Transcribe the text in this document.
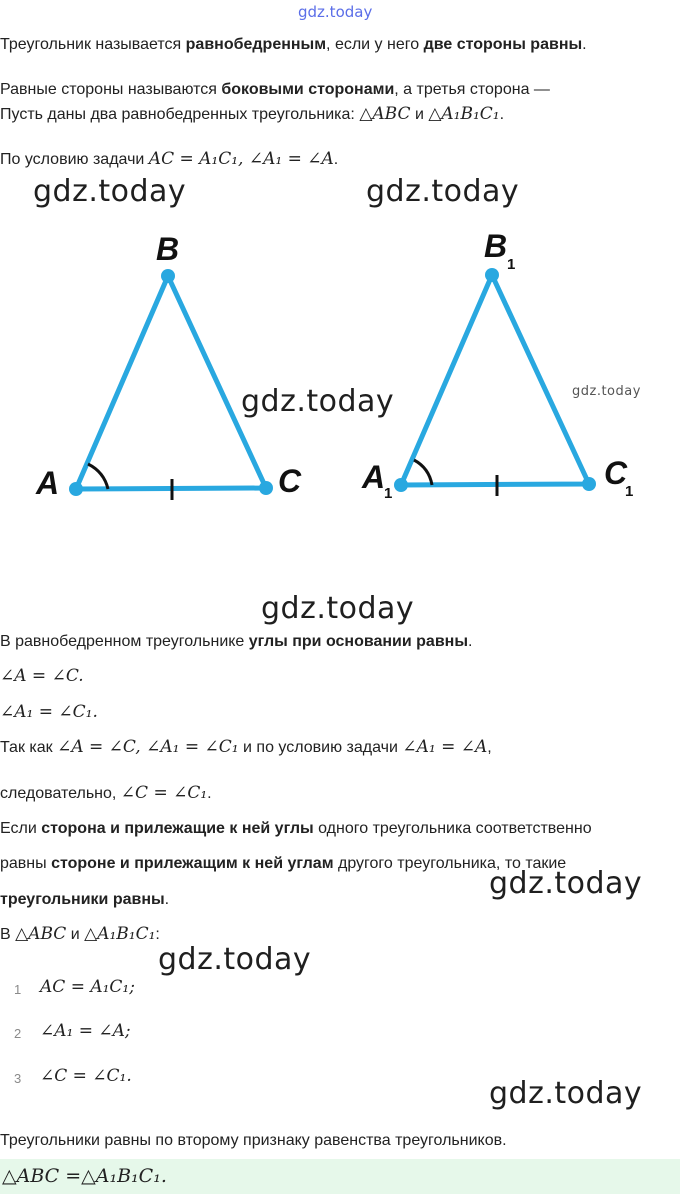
gdz.today
Треугольник называется равнобедренным, если у него две стороны равны.
Равные стороны называются боковыми сторонами, а третья сторона —
Пусть даны два равнобедренных треугольника: △ABC и △A₁B₁C₁.
По условию задачи AC = A₁C₁, ∠A₁ = ∠A.
gdz.today	gdz.today
A
B
C A
1
B
1
C
1
gdz.today	gdz.today
gdz.today
В равнобедренном треугольнике углы при основании равны.
∠A = ∠C.
∠A₁ = ∠C₁.
Так как ∠A = ∠C, ∠A₁ = ∠C₁ и по условию задачи ∠A₁ = ∠A,
следовательно, ∠C = ∠C₁.
Если сторона и прилежащие к ней углы одного треугольника соответственно
равны стороне и прилежащим к ней углам другого треугольника, то такие
треугольники равны.	gdz.today
В △ABC и △A₁B₁C₁:
gdz.today
1 AC = A₁C₁;
2 ∠A₁ = ∠A;
3 ∠C = ∠C₁.	gdz.today
Треугольники равны по второму признаку равенства треугольников.
△ABC =△A₁B₁C₁.
